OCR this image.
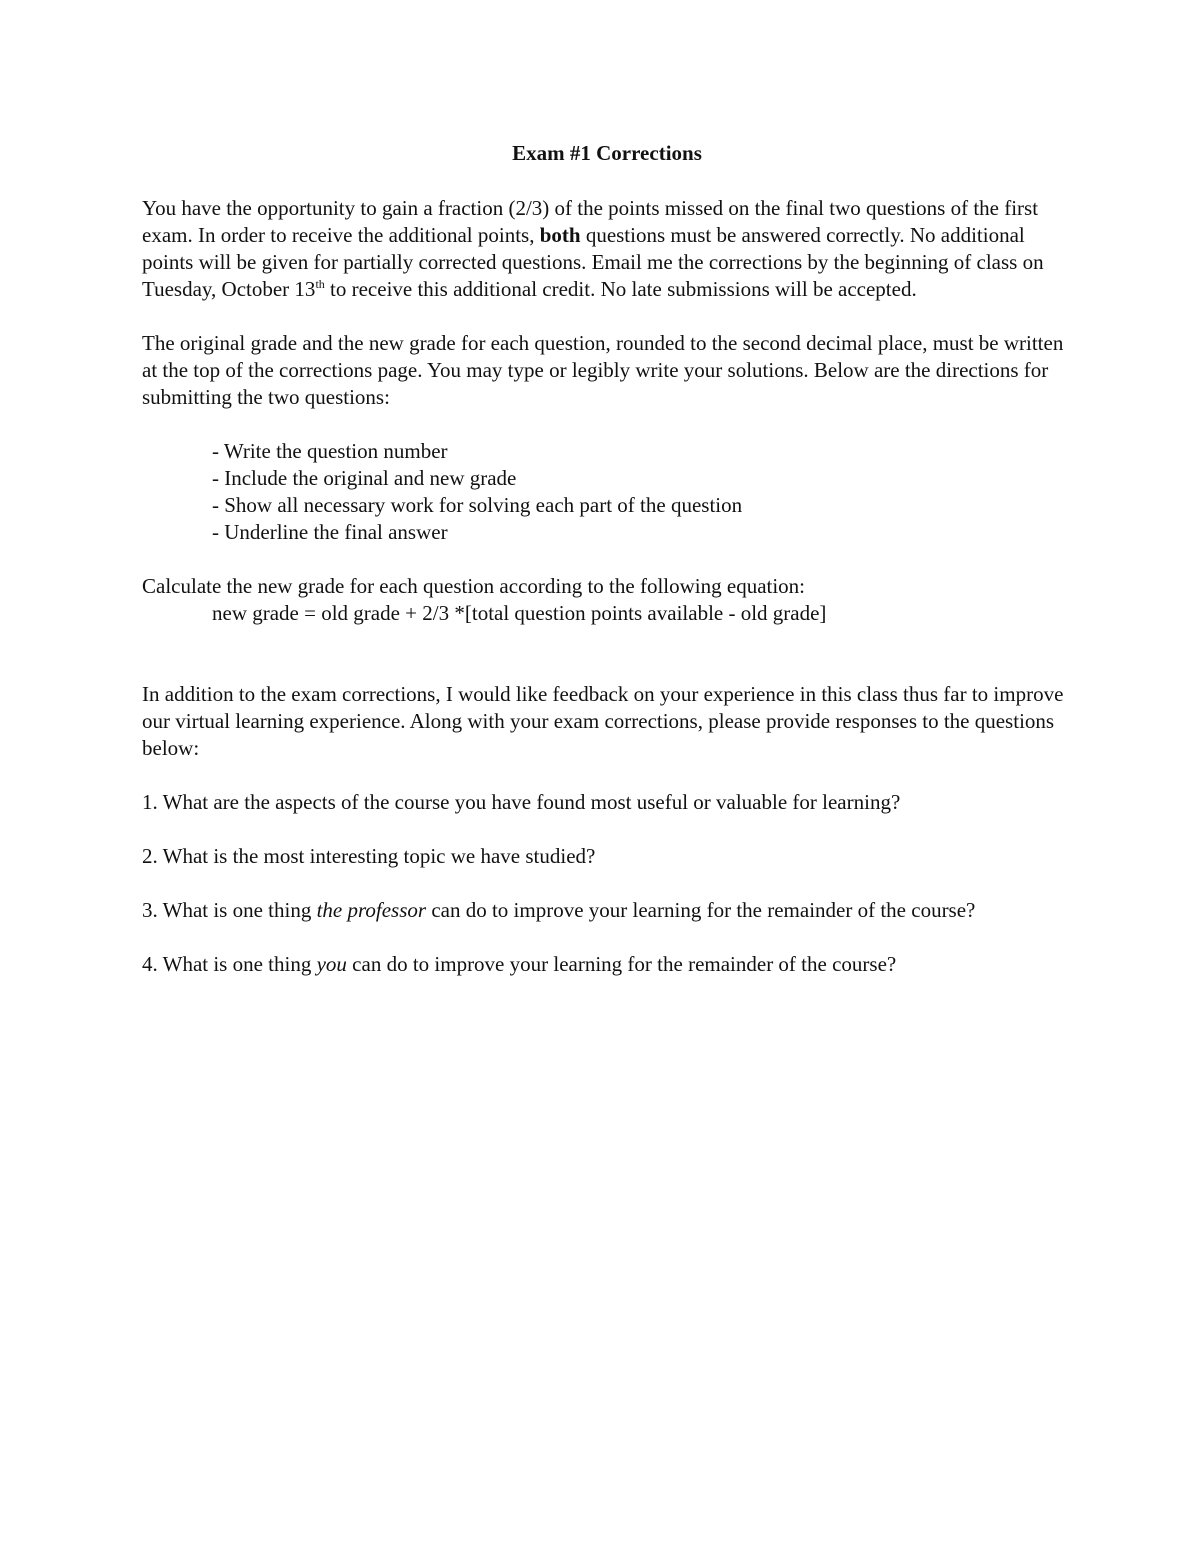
Exam #1 Corrections

You have the opportunity to gain a fraction (2/3) of the points missed on the final two questions of the first exam. In order to receive the additional points, both questions must be answered correctly. No additional points will be given for partially corrected questions. Email me the corrections by the beginning of class on Tuesday, October 13th to receive this additional credit. No late submissions will be accepted.

The original grade and the new grade for each question, rounded to the second decimal place, must be written at the top of the corrections page. You may type or legibly write your solutions. Below are the directions for submitting the two questions:

- Write the question number
- Include the original and new grade
- Show all necessary work for solving each part of the question
- Underline the final answer

Calculate the new grade for each question according to the following equation:

new grade = old grade + 2/3 *[total question points available - old grade]

In addition to the exam corrections, I would like feedback on your experience in this class thus far to improve our virtual learning experience. Along with your exam corrections, please provide responses to the questions below:

1. What are the aspects of the course you have found most useful or valuable for learning?
2. What is the most interesting topic we have studied?
3. What is one thing the professor can do to improve your learning for the remainder of the course?
4. What is one thing you can do to improve your learning for the remainder of the course?
